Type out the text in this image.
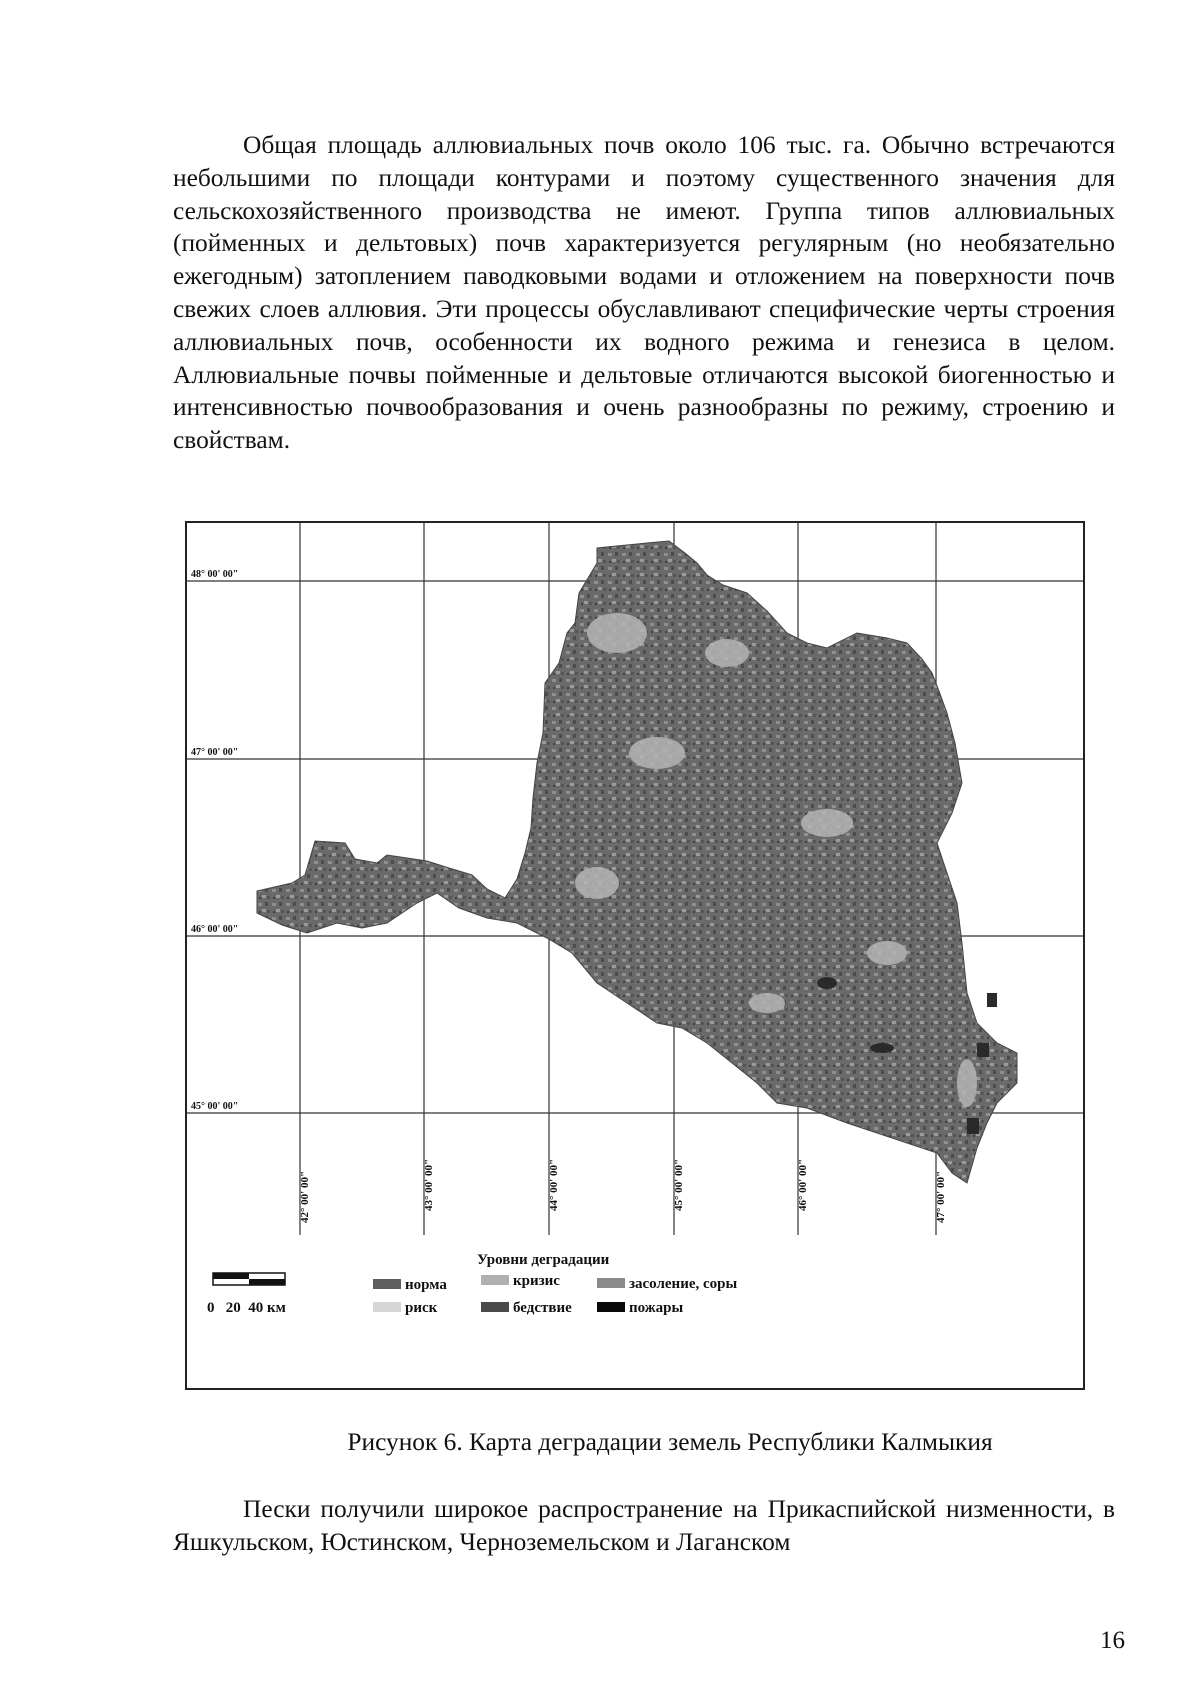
Общая площадь аллювиальных почв около 106 тыс. га. Обычно встречаются небольшими по площади контурами и поэтому существенного значения для сельскохозяйственного производства не имеют. Группа типов аллювиальных (пойменных и дельтовых) почв характеризуется регулярным (но необязательно ежегодным) затоплением паводковыми водами и отложением на поверхности почв свежих слоев аллювия. Эти процессы обуславливают специфические черты строения аллювиальных почв, особенности их водного режима и генезиса в целом. Аллювиальные почвы пойменные и дельтовые отличаются высокой биогенностью и интенсивностью почвообразования и очень разнообразны по режиму, строению и свойствам.

48° 00' 00"
47° 00' 00"
46° 00' 00"
45° 00' 00"
42° 00' 00"	43° 00' 00"	44° 00' 00"	45° 00' 00"	46° 00' 00"	47° 00' 00"
0   20  40 км
Уровни деградации
норма
риск
кризис
бедствие
засоление, соры
пожары
Рисунок 6. Карта деградации земель Республики Калмыкия

Пески получили широкое распространение на Прикаспийской низменности, в Яшкульском, Юстинском, Черноземельском и Лаганском

16
